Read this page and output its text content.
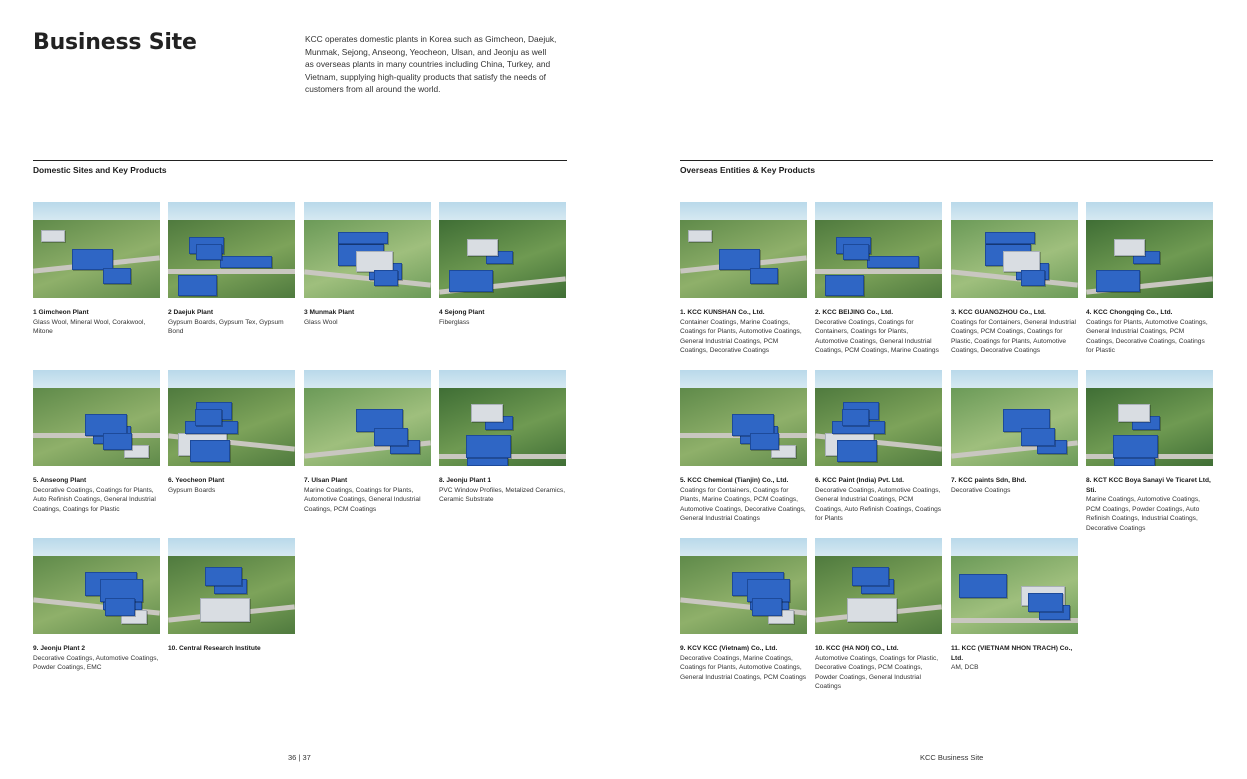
Business Site	KCC operates domestic plants in Korea such as Gimcheon, Daejuk, Munmak, Sejong, Anseong, Yeocheon, Ulsan, and Jeonju as well as overseas plants in many countries including China, Turkey, and Vietnam, supplying high-quality products that satisfy the needs of customers from all around the world.
Domestic Sites and Key Products	Overseas Entities & Key Products
1 Gimcheon Plant
Glass Wool, Mineral Wool, Corakwool, Mitone
2 Daejuk Plant
Gypsum Boards, Gypsum Tex, Gypsum Bond
3 Munmak Plant
Glass Wool
4 Sejong Plant
Fiberglass
5. Anseong Plant
Decorative Coatings, Coatings for Plants, Auto Refinish Coatings, General Industrial Coatings, Coatings for Plastic
6. Yeocheon Plant
Gypsum Boards
7. Ulsan Plant
Marine Coatings, Coatings for Plants, Automotive Coatings, General Industrial Coatings, PCM Coatings
8. Jeonju Plant 1
PVC Window Profiles, Metalized Ceramics, Ceramic Substrate
9. Jeonju Plant 2
Decorative Coatings, Automotive Coatings, Powder Coatings, EMC
10. Central Research Institute
1. KCC KUNSHAN Co., Ltd.
Container Coatings, Marine Coatings, Coatings for Plants, Automotive Coatings, General Industrial Coatings, PCM Coatings, Decorative Coatings
2. KCC BEIJING Co., Ltd.
Decorative Coatings, Coatings for Containers, Coatings for Plants, Automotive Coatings, General Industrial Coatings, PCM Coatings, Marine Coatings
3. KCC GUANGZHOU Co., Ltd.
Coatings for Containers, General Industrial Coatings, PCM Coatings, Coatings for Plastic, Coatings for Plants, Automotive Coatings, Decorative Coatings
4. KCC Chongqing Co., Ltd.
Coatings for Plants, Automotive Coatings, General Industrial Coatings, PCM Coatings, Decorative Coatings, Coatings for Plastic
5. KCC Chemical (Tianjin) Co., Ltd.
Coatings for Containers, Coatings for Plants, Marine Coatings, PCM Coatings, Automotive Coatings, Decorative Coatings, General Industrial Coatings
6. KCC Paint (India) Pvt. Ltd.
Decorative Coatings, Automotive Coatings, General Industrial Coatings, PCM Coatings, Auto Refinish Coatings, Coatings for Plants
7. KCC paints Sdn, Bhd.
Decorative Coatings
8. KCT KCC Boya Sanayi Ve Ticaret Ltd, Sti.
Marine Coatings, Automotive Coatings, PCM Coatings, Powder Coatings, Auto Refinish Coatings, Industrial Coatings, Decorative Coatings
9. KCV KCC (Vietnam) Co., Ltd.
Decorative Coatings, Marine Coatings, Coatings for Plants, Automotive Coatings, General Industrial Coatings, PCM Coatings
10. KCC (HA NOI) CO., Ltd.
Automotive Coatings, Coatings for Plastic, Decorative Coatings, PCM Coatings, Powder Coatings, General Industrial Coatings
11. KCC (VIETNAM NHON TRACH) Co., Ltd.
AM, DCB
36 | 37	KCC Business Site
